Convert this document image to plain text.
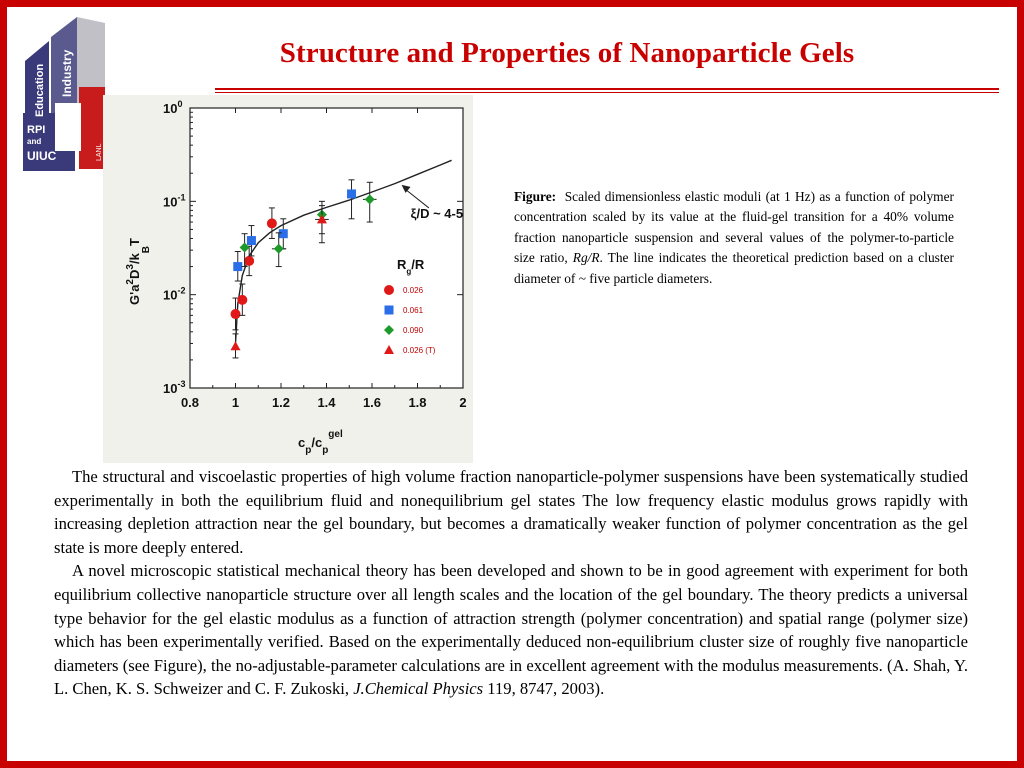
Education Industry
RPI
and
UIUC	LANL
Structure and Properties of Nanoparticle Gels
0.8	1	1.2 1.4 1.6 1.8	2
$10^0$
$10^{-1}$
$10^{-2}$
$10^{-3}$
$G'a^2D^3/k_BT$
$c_p/c_p^{gel}$
ξ/D ~ 4-5
$R_g/R$
0.026
0.061
0.090
0.026 (T)
Figure: Scaled dimensionless elastic moduli (at 1 Hz) as a function of polymer concentration scaled by its value at the fluid-gel transition for a 40% volume fraction nanoparticle suspension and several values of the polymer-to-particle size ratio, Rg/R. The line indicates the theoretical prediction based on a cluster diameter of ~ five particle diameters.

The structural and viscoelastic properties of high volume fraction nanoparticle-polymer suspensions have been systematically studied experimentally in both the equilibrium fluid and nonequilibrium gel states The low frequency elastic modulus grows rapidly with increasing depletion attraction near the gel boundary, but becomes a dramatically weaker function of polymer concentration as the gel state is more deeply entered.

A novel microscopic statistical mechanical theory has been developed and shown to be in good agreement with experiment for both equilibrium collective nanoparticle structure over all length scales and the location of the gel boundary. The theory predicts a universal type behavior for the gel elastic modulus as a function of attraction strength (polymer concentration) and spatial range (polymer size) which has been experimentally verified. Based on the experimentally deduced non-equilibrium cluster size of roughly five nanoparticle diameters (see Figure), the no-adjustable-parameter calculations are in excellent agreement with the modulus measurements. (A. Shah, Y. L. Chen, K. S. Schweizer and C. F. Zukoski, J.Chemical Physics 119, 8747, 2003).
